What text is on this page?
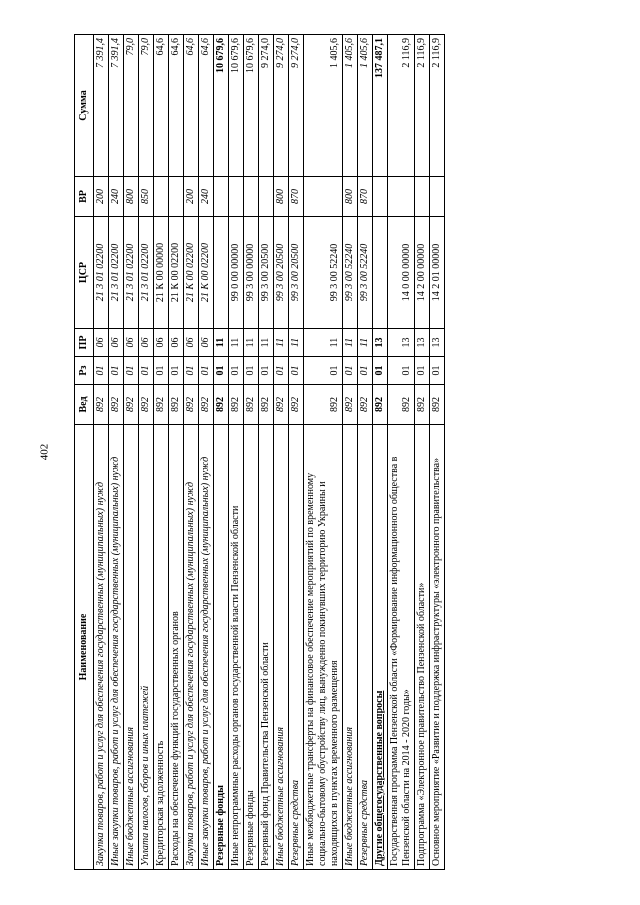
402
Наименование	Вед	Рз	ПР	ЦСР	ВР	Сумма
Закупка товаров, работ и услуг для обеспечения государственных (муниципальных) нужд	892	01	06	21 3 01 02200	200	7 391,4
Иные закупки товаров, работ и услуг для обеспечения государственных (муниципальных) нужд	892	01	06	21 3 01 02200	240	7 391,4
Иные бюджетные ассигнования	892	01	06	21 3 01 02200	800	79,0
Уплата налогов, сборов и иных платежей	892	01	06	21 3 01 02200	850	79,0
Кредиторская задолженность	892	01	06	21 К 00 00000		64,6
Расходы на обеспечение функций государственных органов	892	01	06	21 К 00 02200		64,6
Закупка товаров, работ и услуг для обеспечения государственных (муниципальных) нужд	892	01	06	21 К 00 02200	200	64,6
Иные закупки товаров, работ и услуг для обеспечения государственных (муниципальных) нужд	892	01	06	21 К 00 02200	240	64,6
Резервные фонды	892	01	11			10 679,6
Иные непрограммные расходы органов государственной власти Пензенской области	892	01	11	99 0 00 00000		10 679,6
Резервные фонды	892	01	11	99 3 00 00000		10 679,6
Резервный фонд Правительства Пензенской области	892	01	11	99 3 00 20500		9 274,0
Иные бюджетные ассигнования	892	01	11	99 3 00 20500	800	9 274,0
Резервные средства	892	01	11	99 3 00 20500	870	9 274,0
Иные межбюджетные трансферты на финансовое обеспечение мероприятий по временному социально-бытовому обустройству лиц, вынужденно покинувших территорию Украины и находящихся в пунктах временного размещения	892	01	11	99 3 00 52240		1 405,6
Иные бюджетные ассигнования	892	01	11	99 3 00 52240	800	1 405,6
Резервные средства	892	01	11	99 3 00 52240	870	1 405,6
Другие общегосударственные вопросы	892	01	13			137 487,1
Государственная программа Пензенской области «Формирование информационного общества в Пензенской области на 2014 - 2020 годы»	892	01	13	14 0 00 00000		2 116,9
Подпрограмма «Электронное правительство Пензенской области»	892	01	13	14 2 00 00000		2 116,9
Основное мероприятие «Развитие и поддержка инфраструктуры «электронного правительства»	892	01	13	14 2 01 00000		2 116,9
